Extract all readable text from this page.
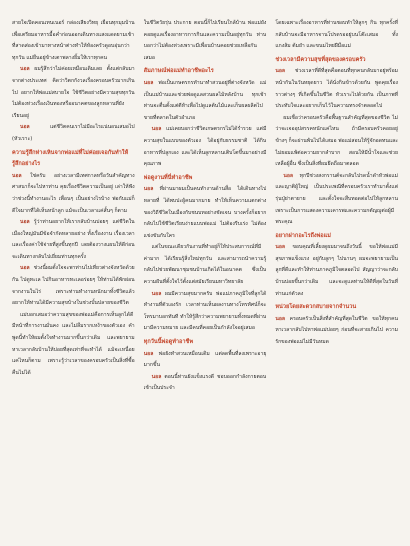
สายใจเปิดคอนเทนเนอร์ กล่องเสียงวิทยุ เยือนทุกมุมบ้านเพื่อเตรียมอาหารมื้อค่ำก่อนออกเดินทางแสงแดดยามเช้าที่สาดส่องเข้ามาทางหน้าต่างทำให้ห้องครัวดูอบอุ่นกว่าทุกวัน แม่ยืนอยู่ข้างเตาพลางยิ้มให้เราทุกคน

นอล ผมรู้สึกว่าไม่ค่อยเหมือนเดิมเลย ตั้งแต่กลับมาจากต่างประเทศ คิดว่าวิตกกังวลเรื่องครอบครัวมากเกินไป อยากให้พ่อแม่สบายใจ ใช้ชีวิตอย่างมีความสุขทุกวัน ไม่ต้องห่วงเรื่องเงินทองหรืออนาคตของลูกหลานที่ยังเรียนอยู่

นอล แต่ชีวิตคนเราไม่มีอะไรแน่นอนเสมอไป (หัวเราะ)

ความรู้สึกห่างเหินจากพ่อแม่ที่ไม่ค่อยเจอกันทำให้รู้สึกอย่างไร

นอล ใช่ครับ อย่างเวลามีเทศกาลหรือวันสำคัญทางศาสนาก็จะไปหาท่าน คุยเรื่องชีวิตความเป็นอยู่ เล่าให้ฟังว่าช่วงนี้ทำงานอะไร เพื่อนๆ เป็นอย่างไรบ้าง พ่อกับแม่ก็ดีใจมากที่ได้เห็นหน้าลูก แม้จะเป็นเวลาแค่สั้นๆ ก็ตาม

นอล รู้ว่าท่านอยากให้เรากลับบ้านบ่อยๆ แต่ชีวิตในเมืองใหญ่มันมีข้อจำกัดหลายอย่าง ทั้งเรื่องงาน เรื่องเวลา และเรื่องค่าใช้จ่ายที่สูงขึ้นทุกปี เลยต้องวางแผนให้ดีก่อนจะเดินทางกลับไปเยี่ยมท่านทุกครั้ง

นอล ช่วงนี้ผมตั้งใจจะพาท่านไปเที่ยวต่างจังหวัดด้วยกัน ไปดูทะเล ไปกินอาหารทะเลอร่อยๆ ให้ท่านได้พักผ่อนจากงานในไร่ เพราะท่านทำงานหนักมาทั้งชีวิตแล้ว อยากให้ท่านได้มีความสุขบ้างในช่วงบั้นปลายของชีวิต

แม่บอกเสมอว่าความสุขของพ่อแม่คือการเห็นลูกได้ดี มีหน้าที่การงานมั่นคง และไม่ลืมรากเหง้าของตัวเอง คำพูดนี้ทำให้ผมตั้งใจทำงานมากขึ้นกว่าเดิม และพยายามหาเวลากลับบ้านให้บ่อยที่สุดเท่าที่จะทำได้ แม้จะเหนื่อยแค่ไหนก็ตาม เพราะรู้ว่าเวลาของครอบครัวเป็นสิ่งที่ซื้อคืนไม่ได้

ในชีวิตวัยรุ่น ประกาย ตอนนี้ก็ไปเรียนใกล้บ้าน พ่อแม่ยังคอยดูแลเรื่องอาหารการกินและความเป็นอยู่ทุกวัน ท่านบอกว่าไม่ต้องห่วงเพราะมีเพื่อนบ้านคอยช่วยเหลือกันเสมอ

สัมภาษณ์พ่อแม่ทำอาชีพอะไร

นอล พ่อเป็นเกษตรกรทำนาทำสวนอยู่ที่ต่างจังหวัด แม่เป็นแม่บ้านและช่วยพ่อดูแลสวนผลไม้หลังบ้าน ทุกเช้าท่านจะตื่นตั้งแต่ตีห้าเพื่อไปดูแลต้นไม้และเก็บผลผลิตไปขายที่ตลาดในตัวอำเภอ

นอล แม่เคยบอกว่าชีวิตเกษตรกรไม่ได้ร่ำรวย แต่มีความสุขในแบบของตัวเอง ได้อยู่กับธรรมชาติ ได้กินอาหารที่ปลูกเอง และได้เห็นลูกหลานเติบโตขึ้นมาอย่างมีคุณภาพ

พ่อดูงานที่นี่ทำอาชีพ

นอล ที่ผ่านมาผมเป็นคนทำงานด้านสื่อ ได้เดินทางไปหลายที่ ได้พบปะผู้คนมากมาย ทำให้เห็นความแตกต่างของวิถีชีวิตในเมืองกับชนบทอย่างชัดเจน บางครั้งก็อยากกลับไปใช้ชีวิตเรียบง่ายแบบพ่อแม่ ไม่ต้องรีบเร่ง ไม่ต้องแข่งขันกับใคร

แต่ในขณะเดียวกันงานที่ทำอยู่ก็ให้ประสบการณ์ที่มีค่ามาก ได้เรียนรู้สิ่งใหม่ทุกวัน และสามารถนำความรู้กลับไปช่วยพัฒนาชุมชนบ้านเกิดได้ในอนาคต ซึ่งเป็นความฝันที่ตั้งใจไว้ตั้งแต่สมัยเรียนมหาวิทยาลัย

นอล ผมมีความสุขมากครับ พ่อแม่ภาคภูมิใจที่ลูกได้ทำงานที่ตัวเองรัก เวลาท่านเห็นผลงานทางโทรทัศน์ก็จะโทรมาบอกทันที ทำให้รู้สึกว่าความพยายามทั้งหมดที่ผ่านมามีความหมาย และมีคนที่คอยเป็นกำลังใจอยู่เสมอ

ทุกวันนี้พ่อดูทำอาชีพ

นอล พ่อยังทำสวนเหมือนเดิม แต่ลดพื้นที่ลงเพราะอายุมากขึ้น

นอล ตอนนี้ท่านยังแข็งแรงดี ชอบออกกำลังกายตอนเช้าเป็นประจำ

โดยเฉพาะเรื่องอาหารที่ท่านชอบทำให้ลูกๆ กิน ทุกครั้งที่กลับบ้านจะมีอาหารจานโปรดรออยู่บนโต๊ะเสมอ ทั้งแกงส้ม ต้มยำ และขนมไทยฝีมือแม่

ช่วงเวลามีความสุขที่สุดของครอบครัว

นอล ช่วงเวลาที่ดีที่สุดคือตอนที่ทุกคนกลับมาอยู่พร้อมหน้ากันในวันหยุดยาว ได้นั่งกินข้าวด้วยกัน พูดคุยเรื่องราวต่างๆ ที่เกิดขึ้นในชีวิต หัวเราะไปด้วยกัน เป็นภาพที่ประทับใจและอยากเก็บไว้ในความทรงจำตลอดไป

ผมเชื่อว่าครอบครัวคือพื้นฐานสำคัญที่สุดของชีวิต ไม่ว่าจะเจออุปสรรคหนักแค่ไหน ถ้ามีครอบครัวคอยอยู่ข้างๆ ก็จะผ่านพ้นไปได้เสมอ พ่อแม่สอนให้รู้จักอดทนและไม่ยอมแพ้ต่อความยากลำบาก สอนให้มีน้ำใจและช่วยเหลือผู้อื่น ซึ่งเป็นสิ่งที่ผมยึดถือมาตลอด

นอล ทุกปีช่วงสงกรานต์จะกลับไปรดน้ำดำหัวพ่อแม่และญาติผู้ใหญ่ เป็นประเพณีที่ครอบครัวเราทำมาตั้งแต่รุ่นปู่ย่าตายาย และตั้งใจจะสืบทอดต่อไปให้ลูกหลาน เพราะเป็นการแสดงความเคารพและความกตัญญูต่อผู้มีพระคุณ

อยากฝากอะไรถึงพ่อแม่

นอล ขอบคุณที่เลี้ยงดูผมมาจนถึงวันนี้ ขอให้พ่อแม่มีสุขภาพแข็งแรง อยู่กับลูกๆ ไปนานๆ ผมจะพยายามเป็นลูกที่ดีและทำให้ท่านภาคภูมิใจตลอดไป สัญญาว่าจะกลับบ้านบ่อยขึ้นกว่าเดิม และจะดูแลท่านให้ดีที่สุดในวันที่ท่านแก่ตัวลง

หน่วยโดยสะดวกสบายจากจำนวน

นอล ครอบครัวเป็นสิ่งที่สำคัญที่สุดในชีวิต ขอให้ทุกคนหาเวลากลับไปหาพ่อแม่บ่อยๆ ก่อนที่จะสายเกินไป ความรักของพ่อแม่ไม่มีวันหมด
